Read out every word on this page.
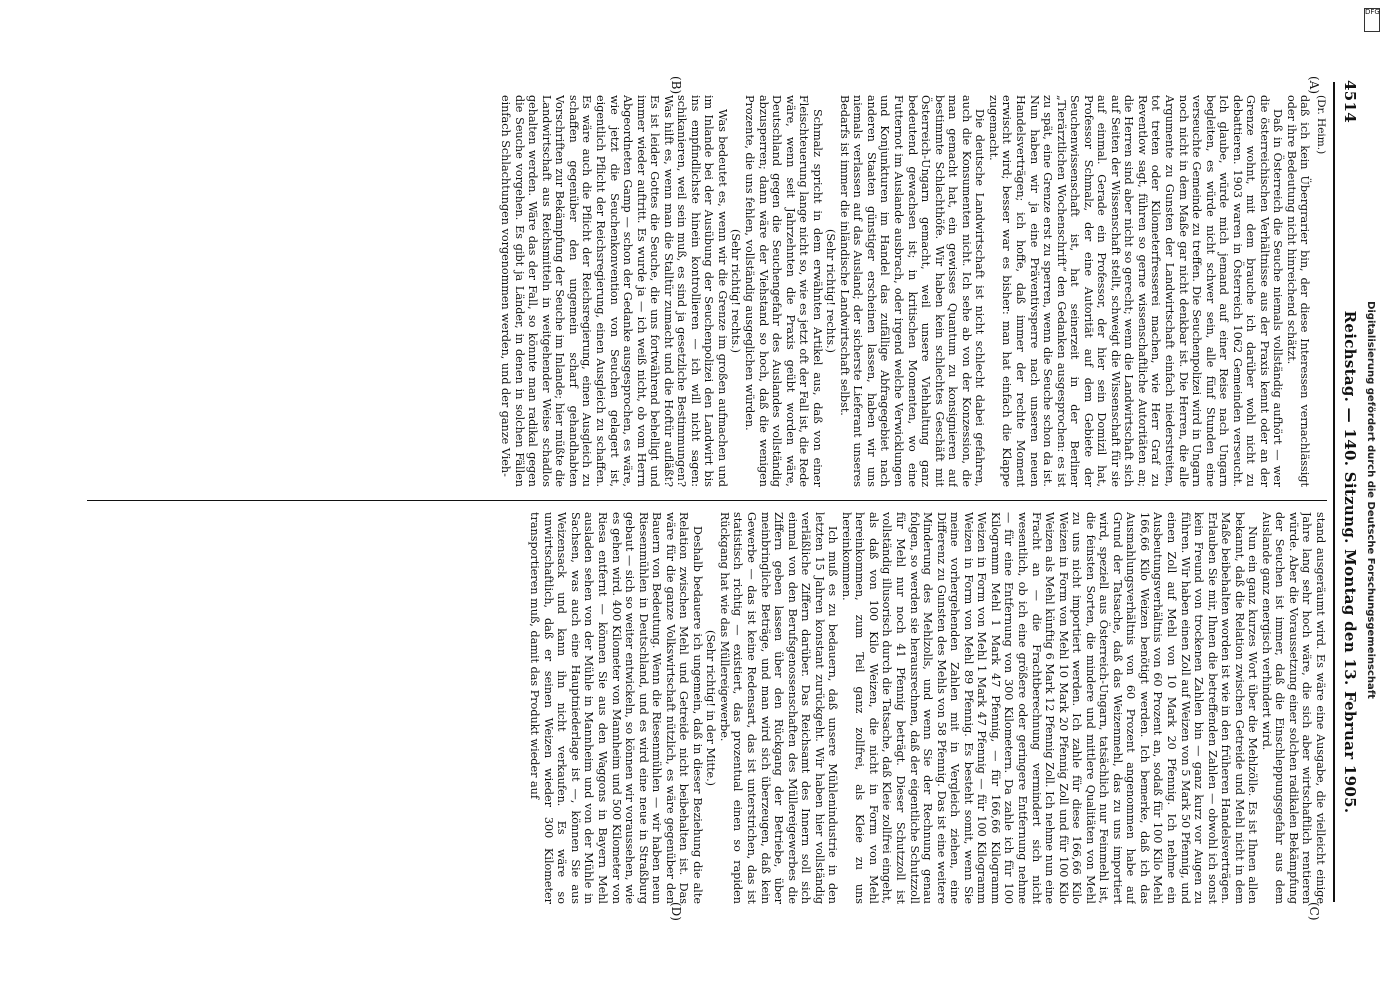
4514
Reichstag. — 140. Sitzung. Montag den 13. Februar 1905.
(A)
(B)
(C)
(D)
(Dr. Heim.)

daß ich kein Übergrarier bin, der diese Interessen vernachlässigt oder ihre Bedeutung nicht hinreichend schätzt.

Daß in Österreich die Seuche niemals vollständig aufhört — wer die österreichischen Verhältnisse aus der Praxis kennt oder an der Grenze wohnt, mit dem brauche ich darüber wohl nicht zu debattieren. 1903 waren in Österreich 1062 Gemeinden verseucht. Ich glaube, würde mich jemand auf einer Reise nach Ungarn begleiten, es würde nicht schwer sein, alle fünf Stunden eine verseuchte Gemeinde zu treffen. Die Seuchenpolizei wird in Ungarn noch nicht in dem Maße gar nicht denkbar ist. Die Herren, die alle Argumente zu Gunsten der Landwirtschaft einfach niederstreiten, tot treten oder Kilometerfresserei machen, wie Herr Graf zu Reventlow sagt, führen so gerne wissenschaftliche Autoritäten an; die Herren sind aber nicht so gerecht; wenn die Landwirtschaft sich auf Seiten der Wissenschaft stellt, schweigt die Wissenschaft für sie auf einmal. Gerade ein Professor, der hier sein Domizil hat, Professor Schmalz, der eine Autorität auf dem Gebiete der Seuchenwissenschaft ist, hat seinerzeit in der Berliner „Tierärztlichen Wochenschrift“ den Gedanken ausgesprochen: es ist zu spät, eine Grenze erst zu sperren, wenn die Seuche schon da ist. Nun haben wir ja eine Präventivsperre nach unseren neuen Handelsverträgen; ich hoffe, daß immer der rechte Moment erwischt wird; besser war es bisher: man hat einfach die Klappe zugemacht.

Die deutsche Landwirtschaft ist nicht schlecht dabei gefahren, auch die Konsumenten nicht. Ich sehe ab von der Konzession, die man gemacht hat, ein gewisses Quantum zu konsignieren auf bestimmte Schlachthöfe. Wir haben kein schlechtes Geschäft mit Österreich-Ungarn gemacht, weil unsere Viehhaltung ganz bedeutend gewachsen ist; in kritischen Momenten, wo eine Futternot im Auslande ausbrach, oder irgend welche Verwicklungen und Konjunkturen im Handel das zufällige Abfragegebiet nach anderen Staaten günstiger erscheinen lassen, haben wir uns niemals verlassen auf das Ausland; der sicherste Lieferant unseres Bedarfs ist immer die inländische Landwirtschaft selbst.

(Sehr richtig! rechts.)

Schmalz spricht in dem erwähnten Artikel aus, daß von einer Fleischteuerung lange nicht so, wie es jetzt oft der Fall ist, die Rede wäre, wenn seit Jahrzehnten die Praxis geübt worden wäre, Deutschland gegen die Seuchengefahr des Auslandes vollständig abzusperren; dann wäre der Viehstand so hoch, daß die wenigen Prozente, die uns fehlen, vollständig ausgeglichen würden.

(Sehr richtig! rechts.)

Was bedeutet es, wenn wir die Grenze im großen aufmachen und im Inlande bei der Ausübung der Seuchenpolizei den Landwirt bis ins empfindlichste hinein kontrollieren — ich will nicht sagen: schikanieren, weil sein muß, es sind ja gesetzliche Bestimmungen? Was hilft es, wenn man die Stalltür zumacht und die Hoftür aufläßt? Es ist leider Gottes die Seuche, die uns fortwährend behelligt und immer wieder auftritt. Es wurde ja — ich weiß nicht, ob vom Herrn Abgeordneten Gamp — schon der Gedanke ausgesprochen, es wäre, wie jetzt die Seuchenkonvention von Seuchen gelagert ist, eigentlich Pflicht der Reichsregierung, einen Ausgleich zu schaffen. Es wäre auch die Pflicht der Reichsregierung, einen Ausgleich zu schaffen gegenüber den ungemein scharf gehandhabten Vorschriften zur Bekämpfung der Seuche im Inlande; hier müßte die Landwirtschaft aus Reichsmitteln in weitgehender Weise schadlos gehalten werden. Wäre das der Fall, so könnte man radikal gegen die Seuche vorgehen. Es gibt ja Länder, in denen in solchen Fällen einfach Schlachtungen vorgenommen werden, und der ganze Vieh-

stand ausgeräumt wird. Es wäre eine Ausgabe, die vielleicht einige Jahre lang sehr hoch wäre, die sich aber wirtschaftlich rentieren würde. Aber die Voraussetzung einer solchen radikalen Bekämpfung der Seuchen ist immer, daß die Einschleppungsgefahr aus dem Auslande ganz energisch verhindert wird.

Nun ein ganz kurzes Wort über die Mehlzölle. Es ist Ihnen allen bekannt, daß die Relation zwischen Getreide und Mehl nicht in dem Maße beibehalten worden ist wie in den früheren Handelsverträgen. Erlauben Sie mir, Ihnen die betreffenden Zahlen — obwohl ich sonst kein Freund von trockenen Zahlen bin — ganz kurz vor Augen zu führen. Wir haben einen Zoll auf Weizen von 5 Mark 50 Pfennig, und einen Zoll auf Mehl von 10 Mark 20 Pfennig. Ich nehme ein Ausbeutungsverhältnis von 60 Prozent an, sodaß für 100 Kilo Mehl 166,66 Kilo Weizen benötigt werden. Ich bemerke, daß ich das Ausmahlungsverhältnis von 60 Prozent angenommen habe auf Grund der Tatsache, daß das Weizenmehl, das zu uns importiert wird, speziell aus Österreich-Ungarn, tatsächlich nur Feinmehl ist, die feinsten Sorten, die mindere und mittlere Qualitäten von Mehl zu uns nicht importiert werden. Ich zahle für diese 166,66 Kilo Weizen in Form von Mehl 10 Mark 20 Pfennig Zoll und für 100 Kilo Weizen als Mehl künftig 6 Mark 12 Pfennig Zoll. Ich nehme nun eine Fracht an — die Frachtberechnung vermindert sich nicht wesentlich, ob ich eine größere oder geringere Entfernung nehme — für eine Entfernung von 300 Kilometern. Da zahle ich für 100 Kilogramm Mehl 1 Mark 47 Pfennig, — für 166,66 Kilogramm Weizen in Form von Mehl 1 Mark 47 Pfennig — für 100 Kilogramm Weizen in Form von Mehl 89 Pfennig. Es besteht somit, wenn Sie meine vorhergehenden Zahlen mit in Vergleich ziehen, eine Differenz zu Gunsten des Mehls von 58 Pfennig. Das ist eine weitere Minderung des Mehlzolls, und wenn Sie der Rechnung genau folgen, so werden sie herausrechnen, daß der eigentliche Schutzzoll für Mehl nur noch 41 Pfennig beträgt. Dieser Schutzzoll ist vollständig illusorisch durch die Tatsache, daß Kleie zollfrei eingeht, als daß von 100 Kilo Weizen, die nicht in Form von Mehl hereinkommen, zum Teil ganz zollfrei, als Kleie zu uns hereinkommen.

Ich muß es zu bedauern, daß unsere Mühlenindustrie in den letzten 15 Jahren konstant zurückgeht. Wir haben hier vollständig verläßliche Ziffern darüber. Das Reichsamt des Innern soll sich einmal von den Berufsgenossenschaften des Müllereigewerbes die Ziffern geben lassen über den Rückgang der Betriebe, über meinbringliche Beträge, und man wird sich überzeugen, daß kein Gewerbe — das ist keine Redensart, das ist unterstrichen, das ist statistisch richtig — existiert, das prozentual einen so rapiden Rückgang hat wie das Müllereigewerbe.

(Sehr richtig! in der Mitte.)

Deshalb bedauere ich ungemein, daß in dieser Beziehung die alte Relation zwischen Mehl und Getreide nicht beibehalten ist. Das wäre für die ganze Volkswirtschaft nützlich, es wäre gegenüber den Bauern von Bedeutung. Wenn die Riesenmühlen — wir haben neun Riesenmühlen in Deutschland, und es wird eine neue in Straßburg gebaut — sich so weiter entwickeln, so können wir voraussehen, wie es gehen wird. 400 Kilometer von Mannheim und 500 Kilometer von Riesa entfernt — können Sie aus den Waggons in Bayern Mehl ausladen sehen von der Mühle in Mannheim und von der Mühle in Sachsen, was auch eine Hauptniederlage ist —, können Sie aus Weizensack und kann ihn nicht verkaufen. Es wäre so unwirtschaftlich, daß er seinen Weizen wieder 300 Kilometer transportieren muß, damit das Produkt wieder auf

DFG
Digitalisierung gefördert durch die Deutsche Forschungsgemeinschaft
